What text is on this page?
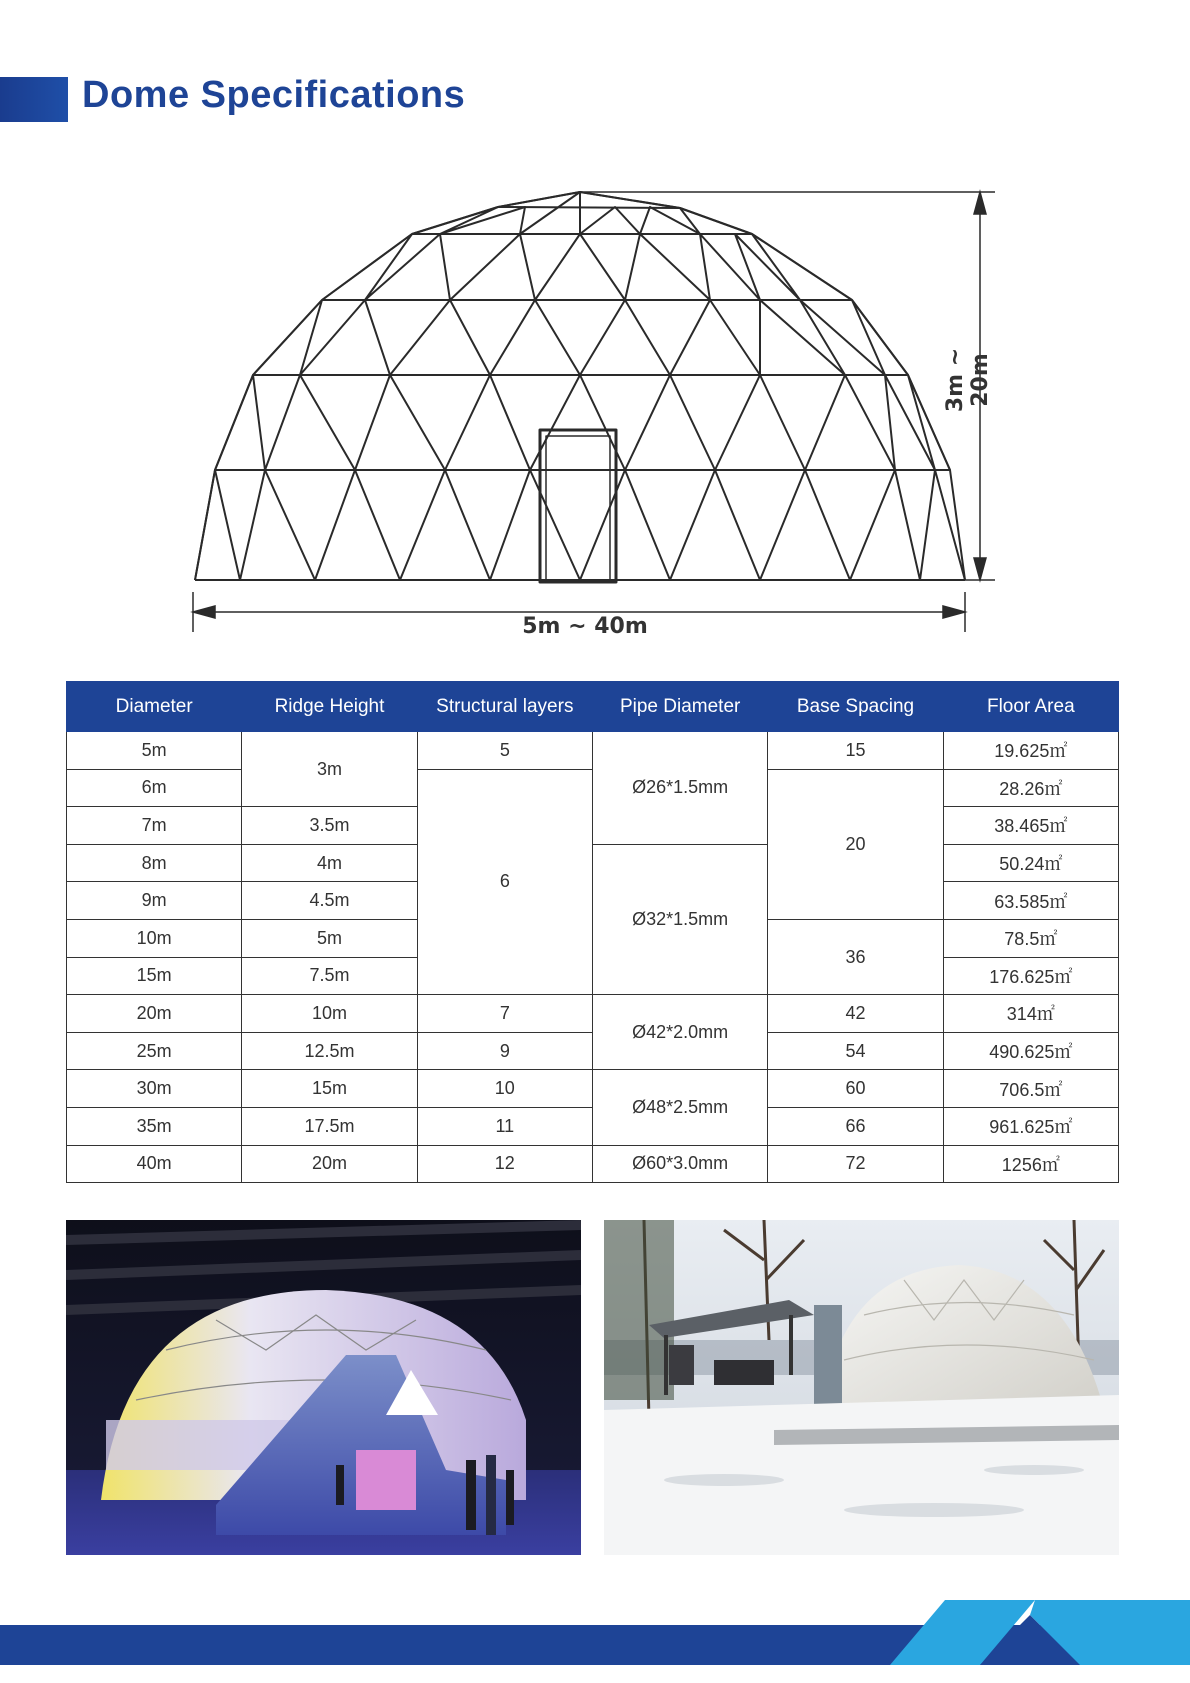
Dome Specifications
5m ~ 40m
3m ~ 20m
Diameter	Ridge Height	Structural layers	Pipe Diameter	Base Spacing	Floor Area
5m	3m	5	Ø26*1.5mm	15	19.625㎡
6m		6		20	28.26㎡
7m	3.5m				38.465㎡
8m	4m		Ø32*1.5mm		50.24㎡
9m	4.5m				63.585㎡
10m	5m			36	78.5㎡
15m	7.5m				176.625㎡
20m	10m	7	Ø42*2.0mm	42	314㎡
25m	12.5m	9		54	490.625㎡
30m	15m	10	Ø48*2.5mm	60	706.5㎡
35m	17.5m	11		66	961.625㎡
40m	20m	12	Ø60*3.0mm	72	1256㎡
